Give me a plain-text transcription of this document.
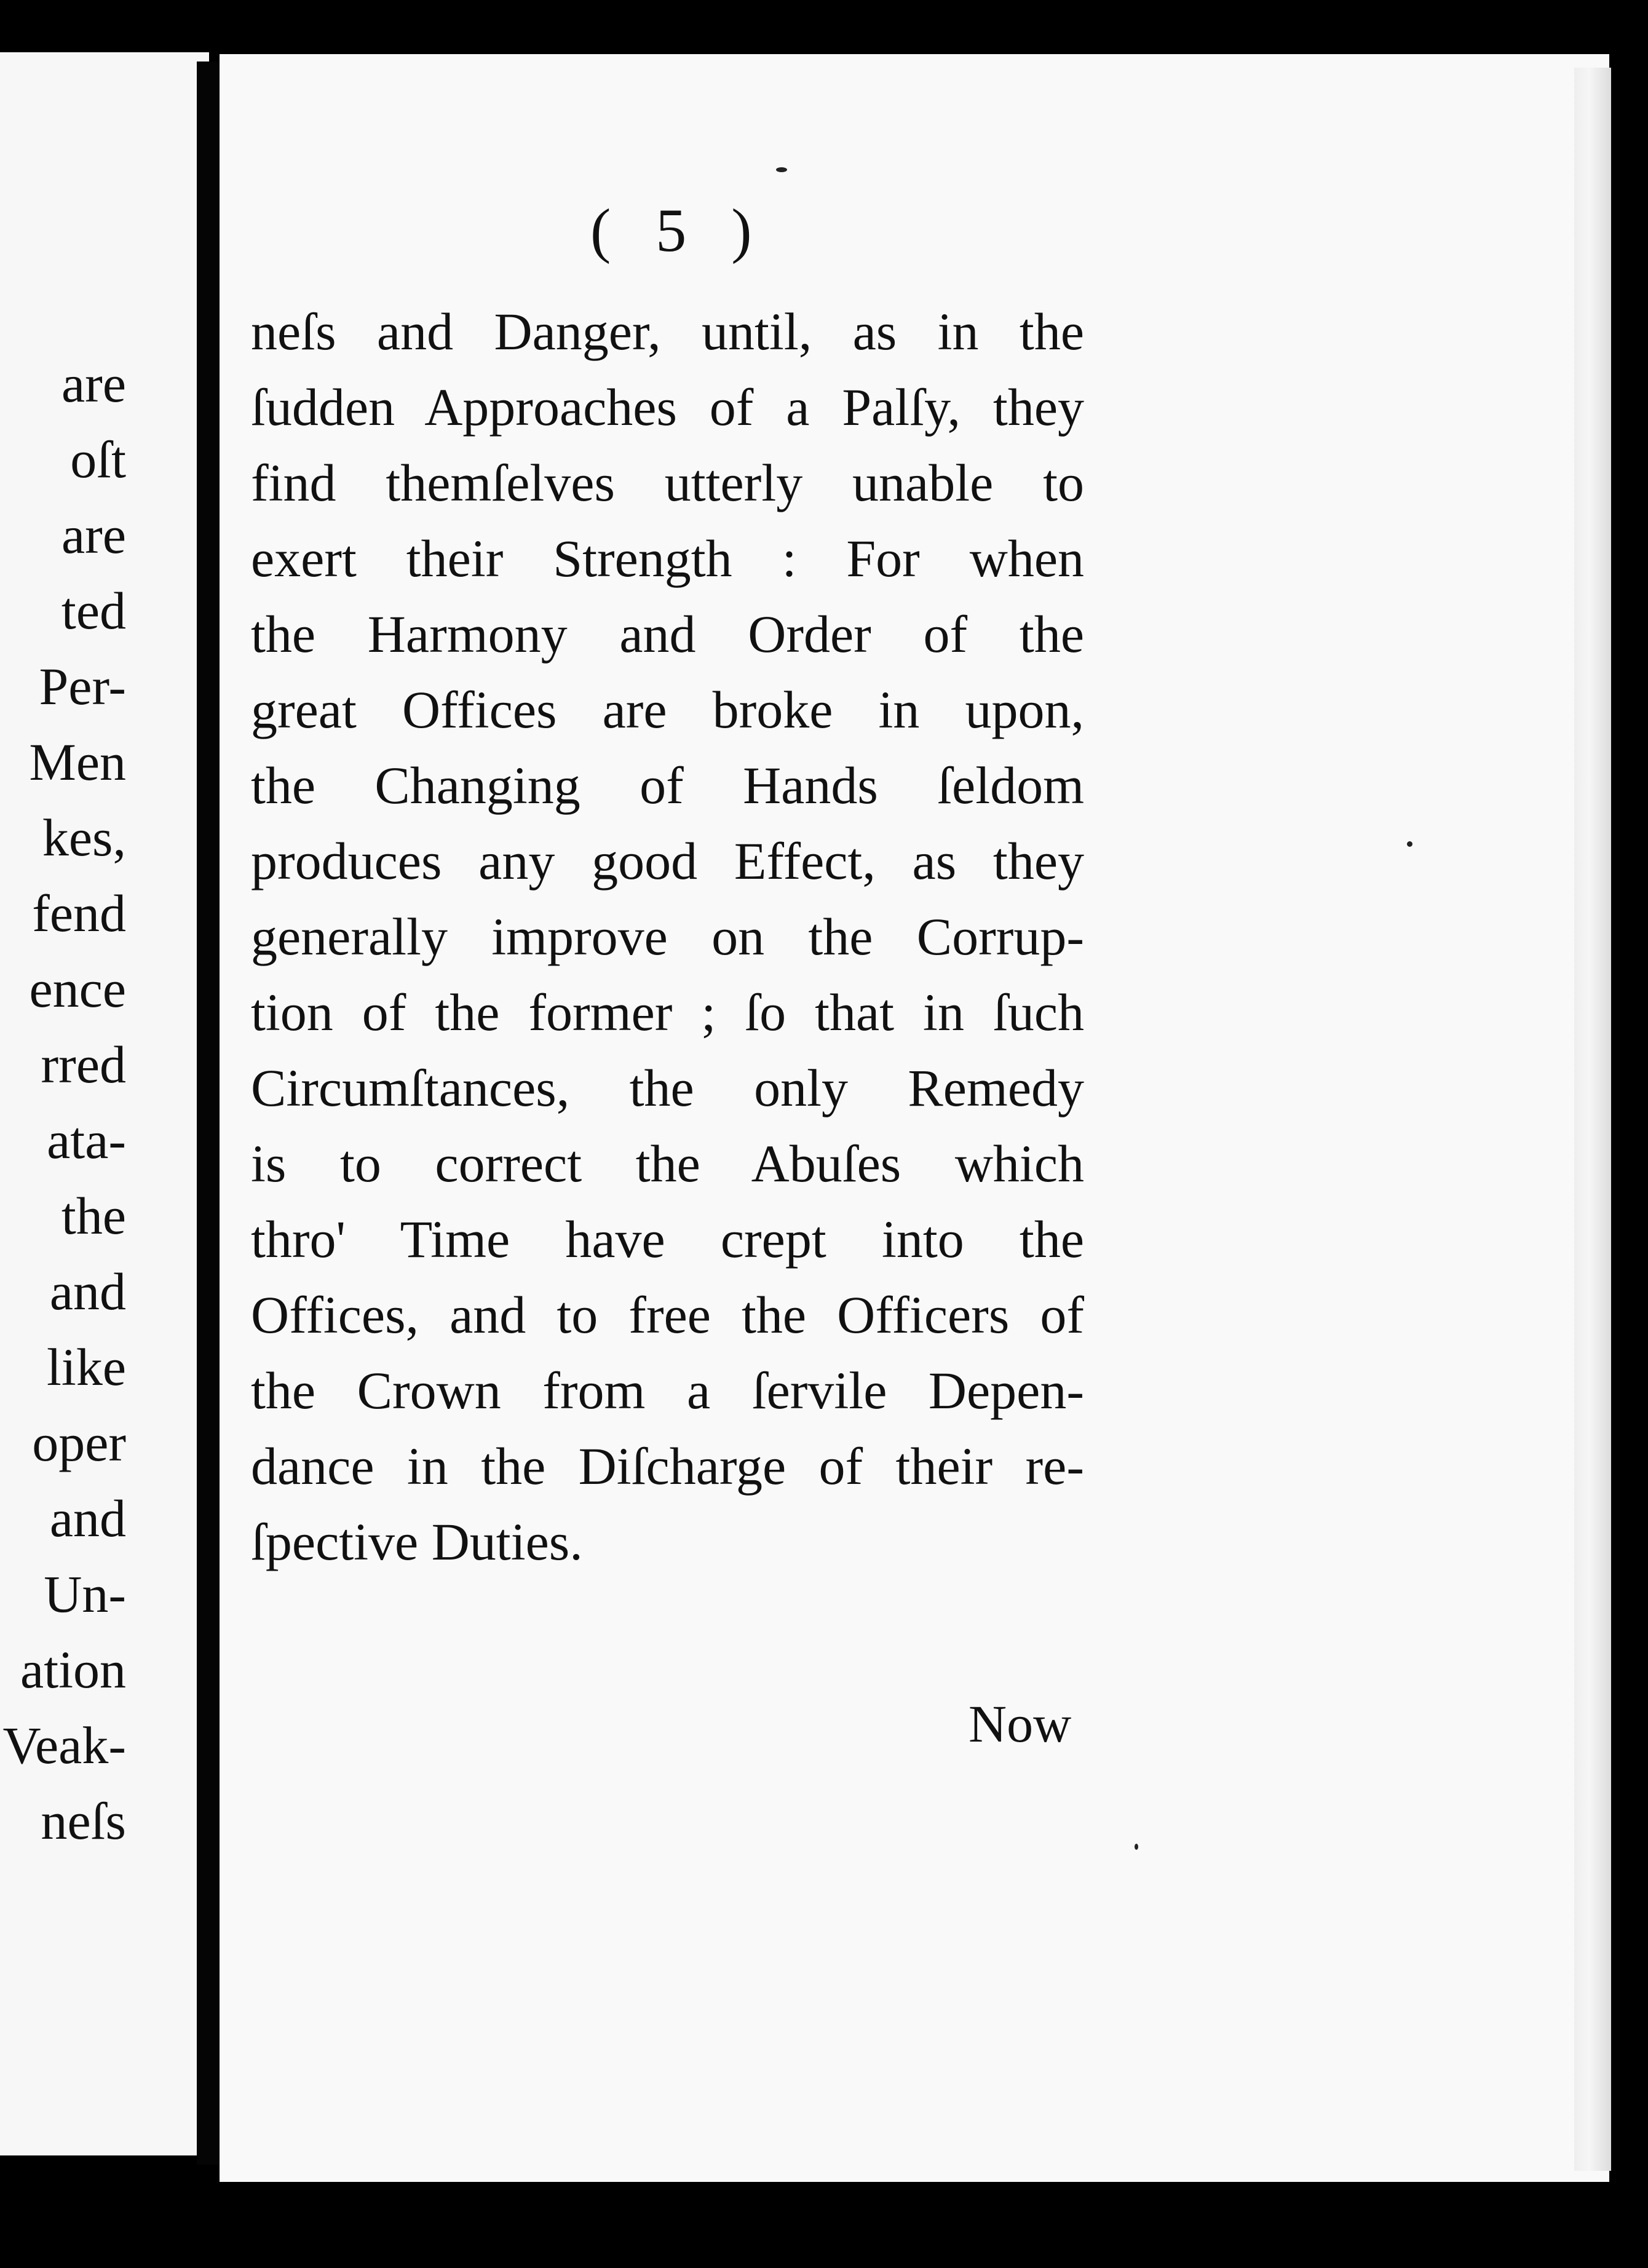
are
oſt
are
ted
Per-
Men
kes,
fend
ence
rred
ata-
the
and
like
oper
and
Un-
ation
Veak-
neſs
( 5 )
neſs and Danger, until, as in the
ſudden Approaches of a Palſy, they
find themſelves utterly unable to
exert their Strength : For when
the Harmony and Order of the
great Offices are broke in upon,
the Changing of Hands ſeldom
produces any good Effect, as they
generally improve on the Corrup-
tion of the former ; ſo that in ſuch
Circumſtances, the only Remedy
is to correct the Abuſes which
thro' Time have crept into the
Offices, and to free the Officers of
the Crown from a ſervile Depen-
dance in the Diſcharge of their re-
ſpective Duties.
Now
